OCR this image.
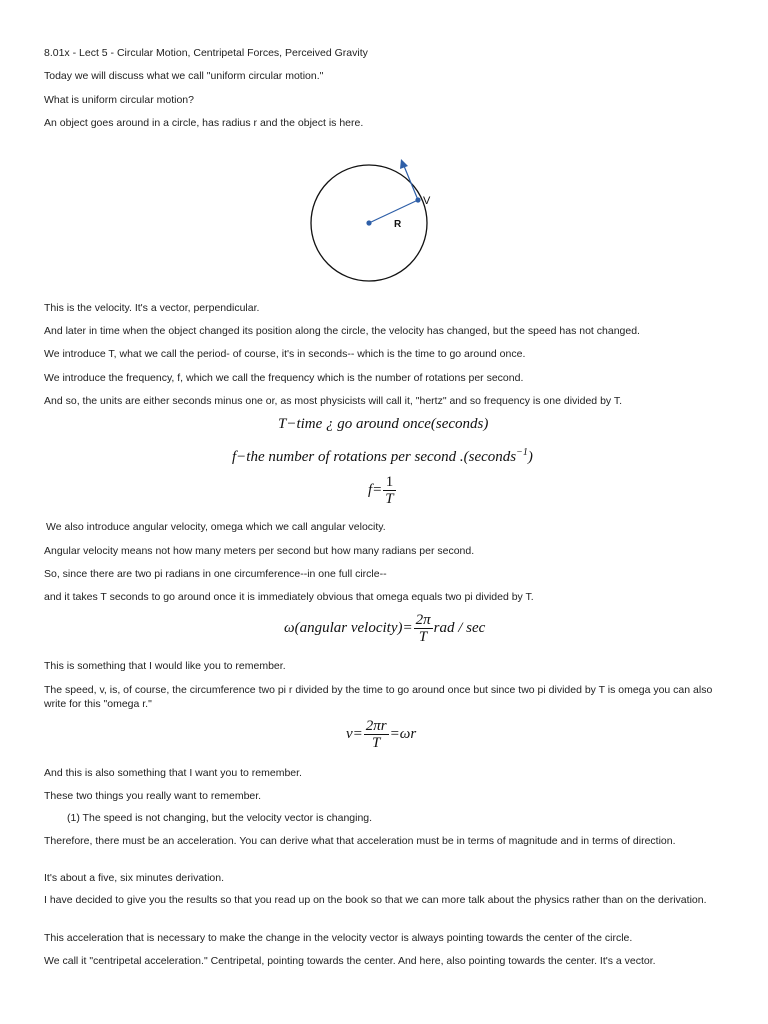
8.01x - Lect 5 - Circular Motion, Centripetal Forces, Perceived Gravity
Today we will discuss what we call "uniform circular motion."
What is uniform circular motion?
An object goes around in a circle, has radius r and the object is here.
V
R
This is the velocity. It's a vector, perpendicular.
And later in time when the object changed its position along the circle, the velocity has changed, but the speed has not changed.
We introduce T, what we call the period- of course, it's in seconds-- which is the time to go around once.
We introduce the frequency, f, which we call the frequency which is the number of rotations per second.
And so, the units are either seconds minus one or, as most physicists will call it, "hertz" and so frequency is one divided by T.
T−time ¿ go around once(seconds)
f−the number of rotations per second .(seconds$^{-1}$)
$f= \frac{1}{T}$
We also introduce angular velocity, omega which we call angular velocity.
Angular velocity means not how many meters per second but how many radians per second.
So, since there are two pi radians in one circumference--in one full circle--
and it takes T seconds to go around once it is immediately obvious that omega equals two pi divided by T.
ω(angular velocity)= $\frac{2\pi}{T}$ rad / sec
This is something that I would like you to remember.
The speed, v, is, of course, the circumference two pi r divided by the time to go around once but since two pi divided by T is omega you can also write for this "omega r."
$v= \frac{2\pi r}{T} =\omega r$
And this is also something that I want you to remember.
These two things you really want to remember.
(1) The speed is not changing, but the velocity vector is changing.
Therefore, there must be an acceleration. You can derive what that acceleration must be in terms of magnitude and in terms of direction.
It's about a five, six minutes derivation.
I have decided to give you the results so that you read up on the book so that we can more talk about the physics rather than on the derivation.
This acceleration that is necessary to make the change in the velocity vector is always pointing towards the center of the circle.
We call it "centripetal acceleration." Centripetal, pointing towards the center. And here, also pointing towards the center. It's a vector.
